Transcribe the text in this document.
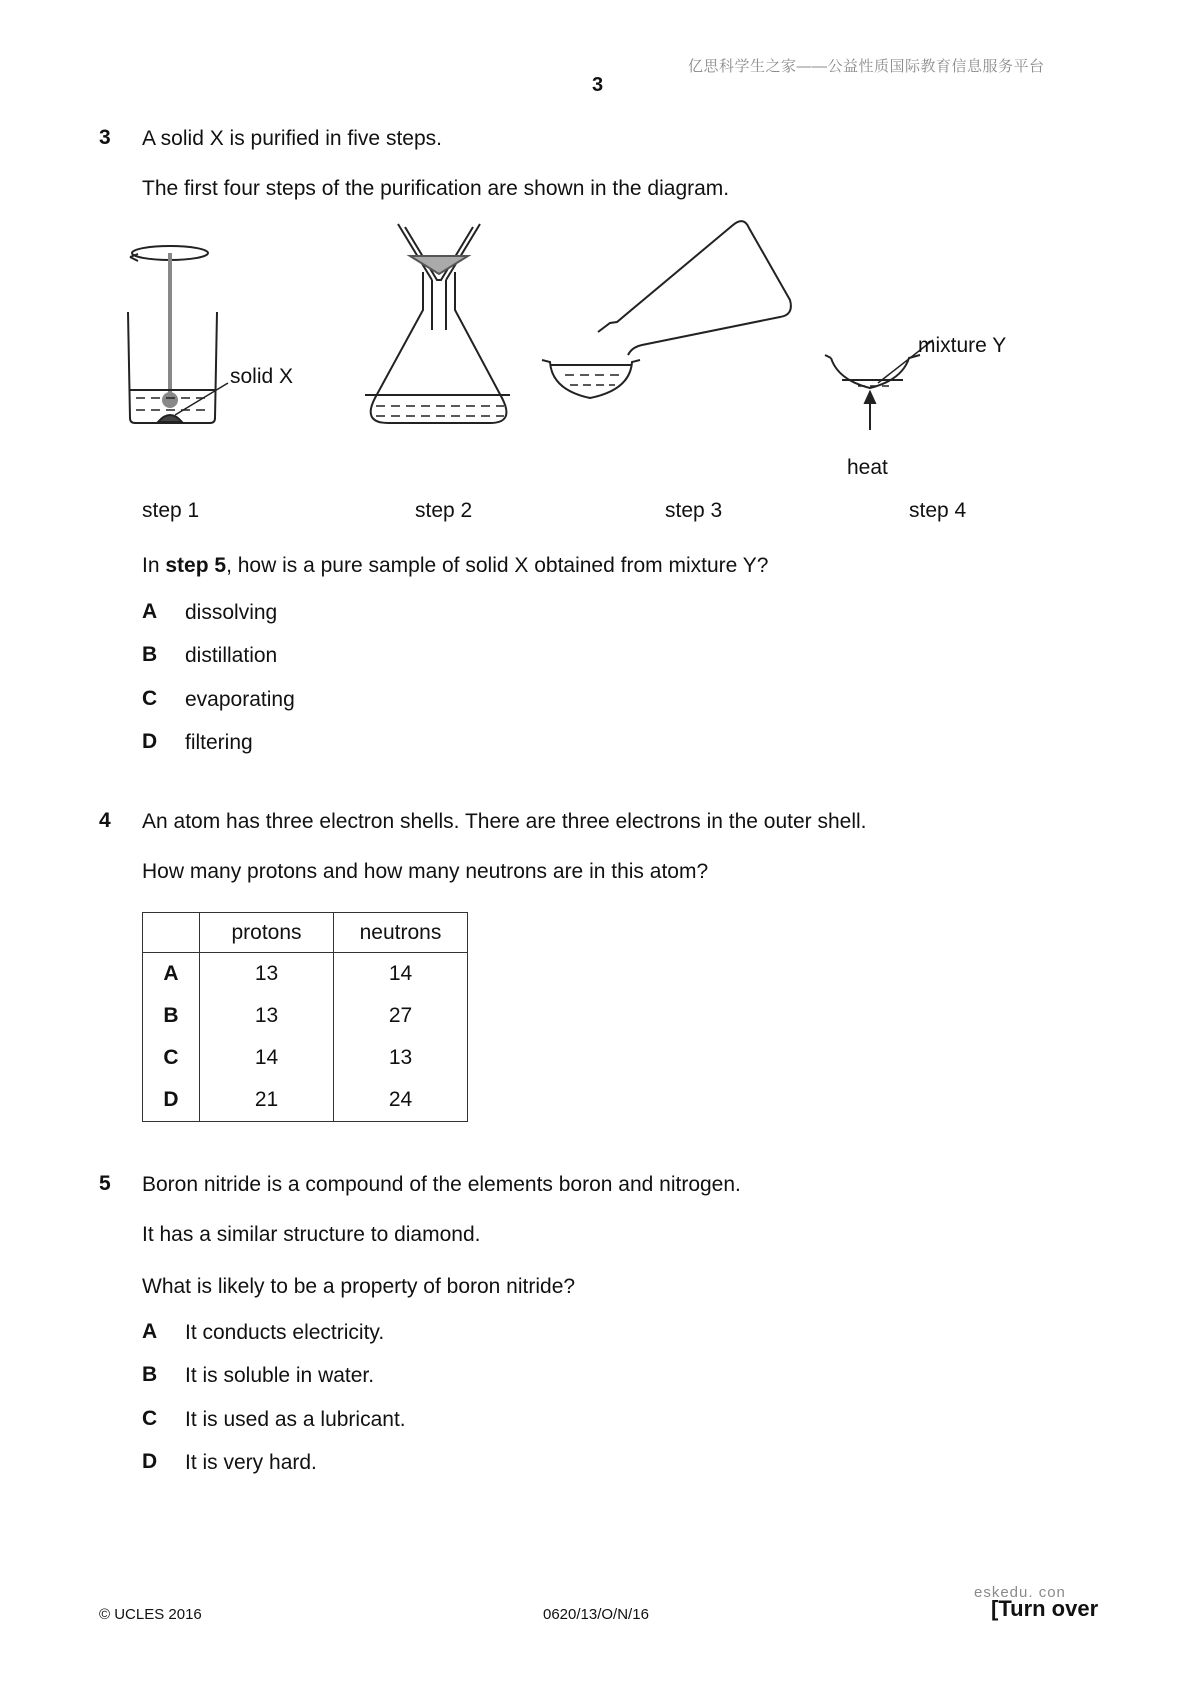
亿思科学生之家——公益性质国际教育信息服务平台
3
3 A solid X is purified in five steps.
The first four steps of the purification are shown in the diagram.
solid X
mixture Y
heat
step 1	step 2	step 3	step 4
In step 5, how is a pure sample of solid X obtained from mixture Y?
A dissolving
B distillation
C evaporating
D filtering
4 An atom has three electron shells. There are three electrons in the outer shell.
How many protons and how many neutrons are in this atom?
	protons	neutrons
A	13	14
B	13	27
C	14	13
D	21	24
5 Boron nitride is a compound of the elements boron and nitrogen.
It has a similar structure to diamond.
What is likely to be a property of boron nitride?
A It conducts electricity.
B It is soluble in water.
C It is used as a lubricant.
D It is very hard.
eskedu. con
© UCLES 2016	0620/13/O/N/16	[Turn over
